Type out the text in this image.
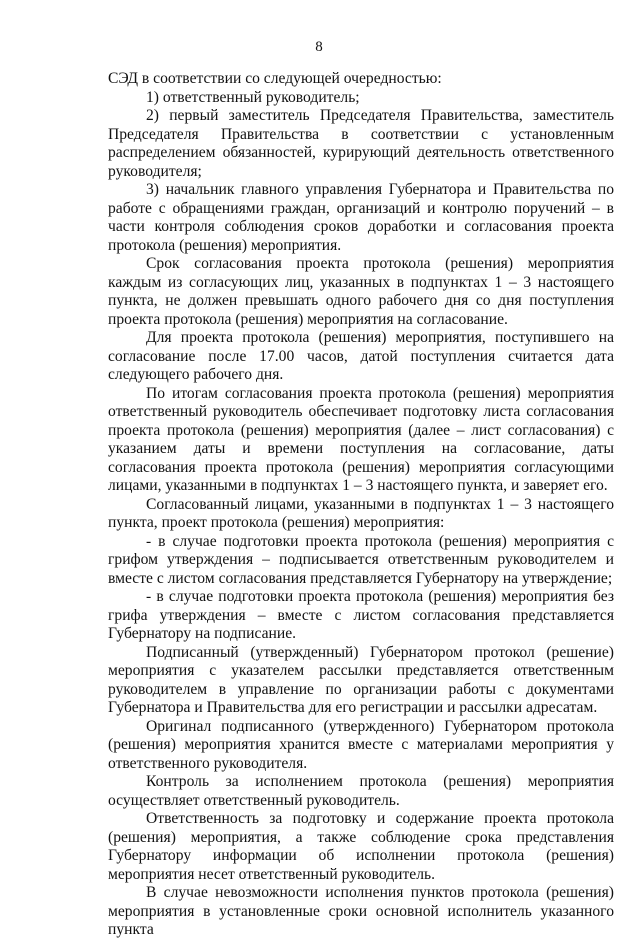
8

СЭД в соответствии со следующей очередностью:

1) ответственный руководитель;

2) первый заместитель Председателя Правительства, заместитель Председателя Правительства в соответствии с установленным распределением обязанностей, курирующий деятельность ответственного руководителя;

3) начальник главного управления Губернатора и Правительства по работе с обращениями граждан, организаций и контролю поручений – в части контроля соблюдения сроков доработки и согласования проекта протокола (решения) мероприятия.

Срок согласования проекта протокола (решения) мероприятия каждым из согласующих лиц, указанных в подпунктах 1 – 3 настоящего пункта, не должен превышать одного рабочего дня со дня поступления проекта протокола (решения) мероприятия на согласование.

Для проекта протокола (решения) мероприятия, поступившего на согласование после 17.00 часов, датой поступления считается дата следующего рабочего дня.

По итогам согласования проекта протокола (решения) мероприятия ответственный руководитель обеспечивает подготовку листа согласования проекта протокола (решения) мероприятия (далее – лист согласования) с указанием даты и времени поступления на согласование, даты согласования проекта протокола (решения) мероприятия согласующими лицами, указанными в подпунктах 1 – 3 настоящего пункта, и заверяет его.

Согласованный лицами, указанными в подпунктах 1 – 3 настоящего пункта, проект протокола (решения) мероприятия:

- в случае подготовки проекта протокола (решения) мероприятия с грифом утверждения – подписывается ответственным руководителем и вместе с листом согласования представляется Губернатору на утверждение;

- в случае подготовки проекта протокола (решения) мероприятия без грифа утверждения – вместе с листом согласования представляется Губернатору на подписание.

Подписанный (утвержденный) Губернатором протокол (решение) мероприятия с указателем рассылки представляется ответственным руководителем в управление по организации работы с документами Губернатора и Правительства для его регистрации и рассылки адресатам.

Оригинал подписанного (утвержденного) Губернатором протокола (решения) мероприятия хранится вместе с материалами мероприятия у ответственного руководителя.

Контроль за исполнением протокола (решения) мероприятия осуществляет ответственный руководитель.

Ответственность за подготовку и содержание проекта протокола (решения) мероприятия, а также соблюдение срока представления Губернатору информации об исполнении протокола (решения) мероприятия несет ответственный руководитель.

В случае невозможности исполнения пунктов протокола (решения) мероприятия в установленные сроки основной исполнитель указанного пункта
